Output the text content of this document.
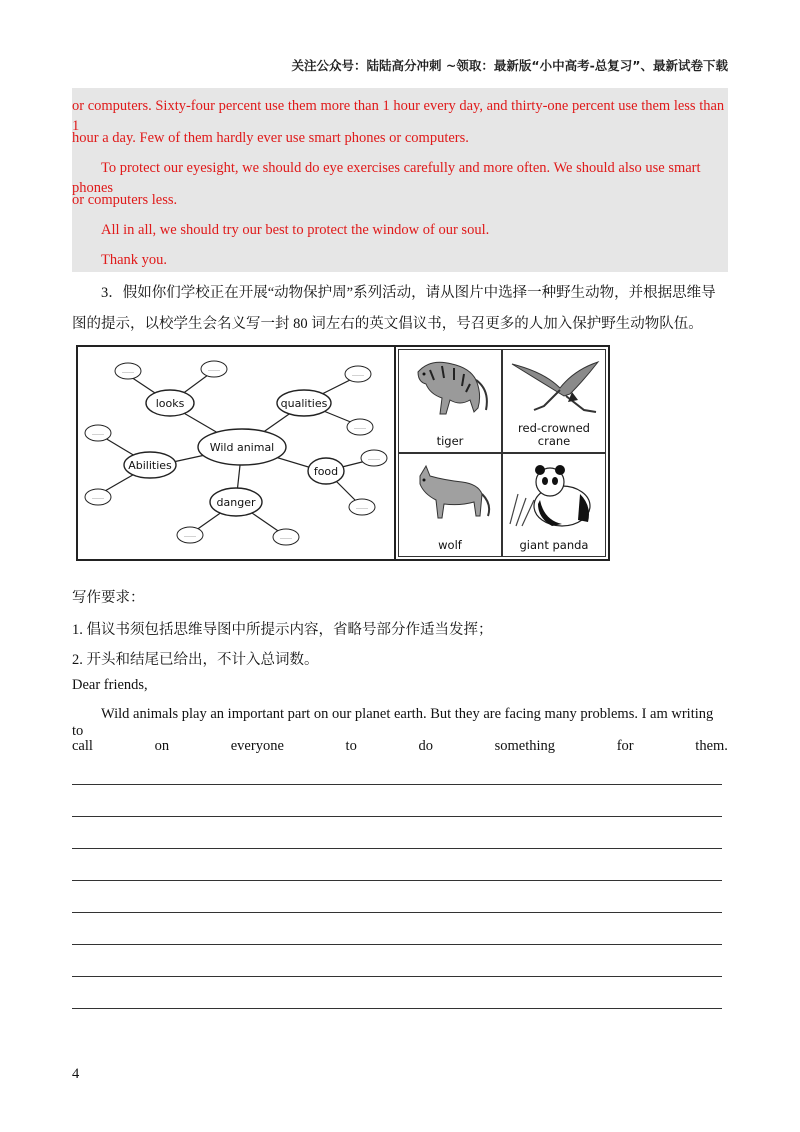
关注公众号：陆陆高分冲刺 ~领取：最新版“小中高考-总复习”、最新试卷下载
or computers. Sixty-four percent use them more than 1 hour every day, and thirty-one percent use them less than 1
hour a day. Few of them hardly ever use smart phones or computers.
To protect our eyesight, we should do eye exercises carefully and more often. We should also use smart phones
or computers less.
All in all, we should try our best to protect the window of our soul.
Thank you.
3．假如你们学校正在开展“动物保护周”系列活动，请从图片中选择一种野生动物，并根据思维导
图的提示，以校学生会名义写一封 80 词左右的英文倡议书，号召更多的人加入保护野生动物队伍。
Wild animal
looks	qualities
Abilities	food
danger
……	……
……
……
……
……
……
……
……	……
tiger
red-crowned
crane
wolf	giant panda
写作要求：
1. 倡议书须包括思维导图中所提示内容，省略号部分作适当发挥；
2. 开头和结尾已给出，不计入总词数。
Dear friends,
Wild animals play an important part on our planet earth. But they are facing many problems. I am writing to
call	on	everyone	to	do	something	for	them.
4
